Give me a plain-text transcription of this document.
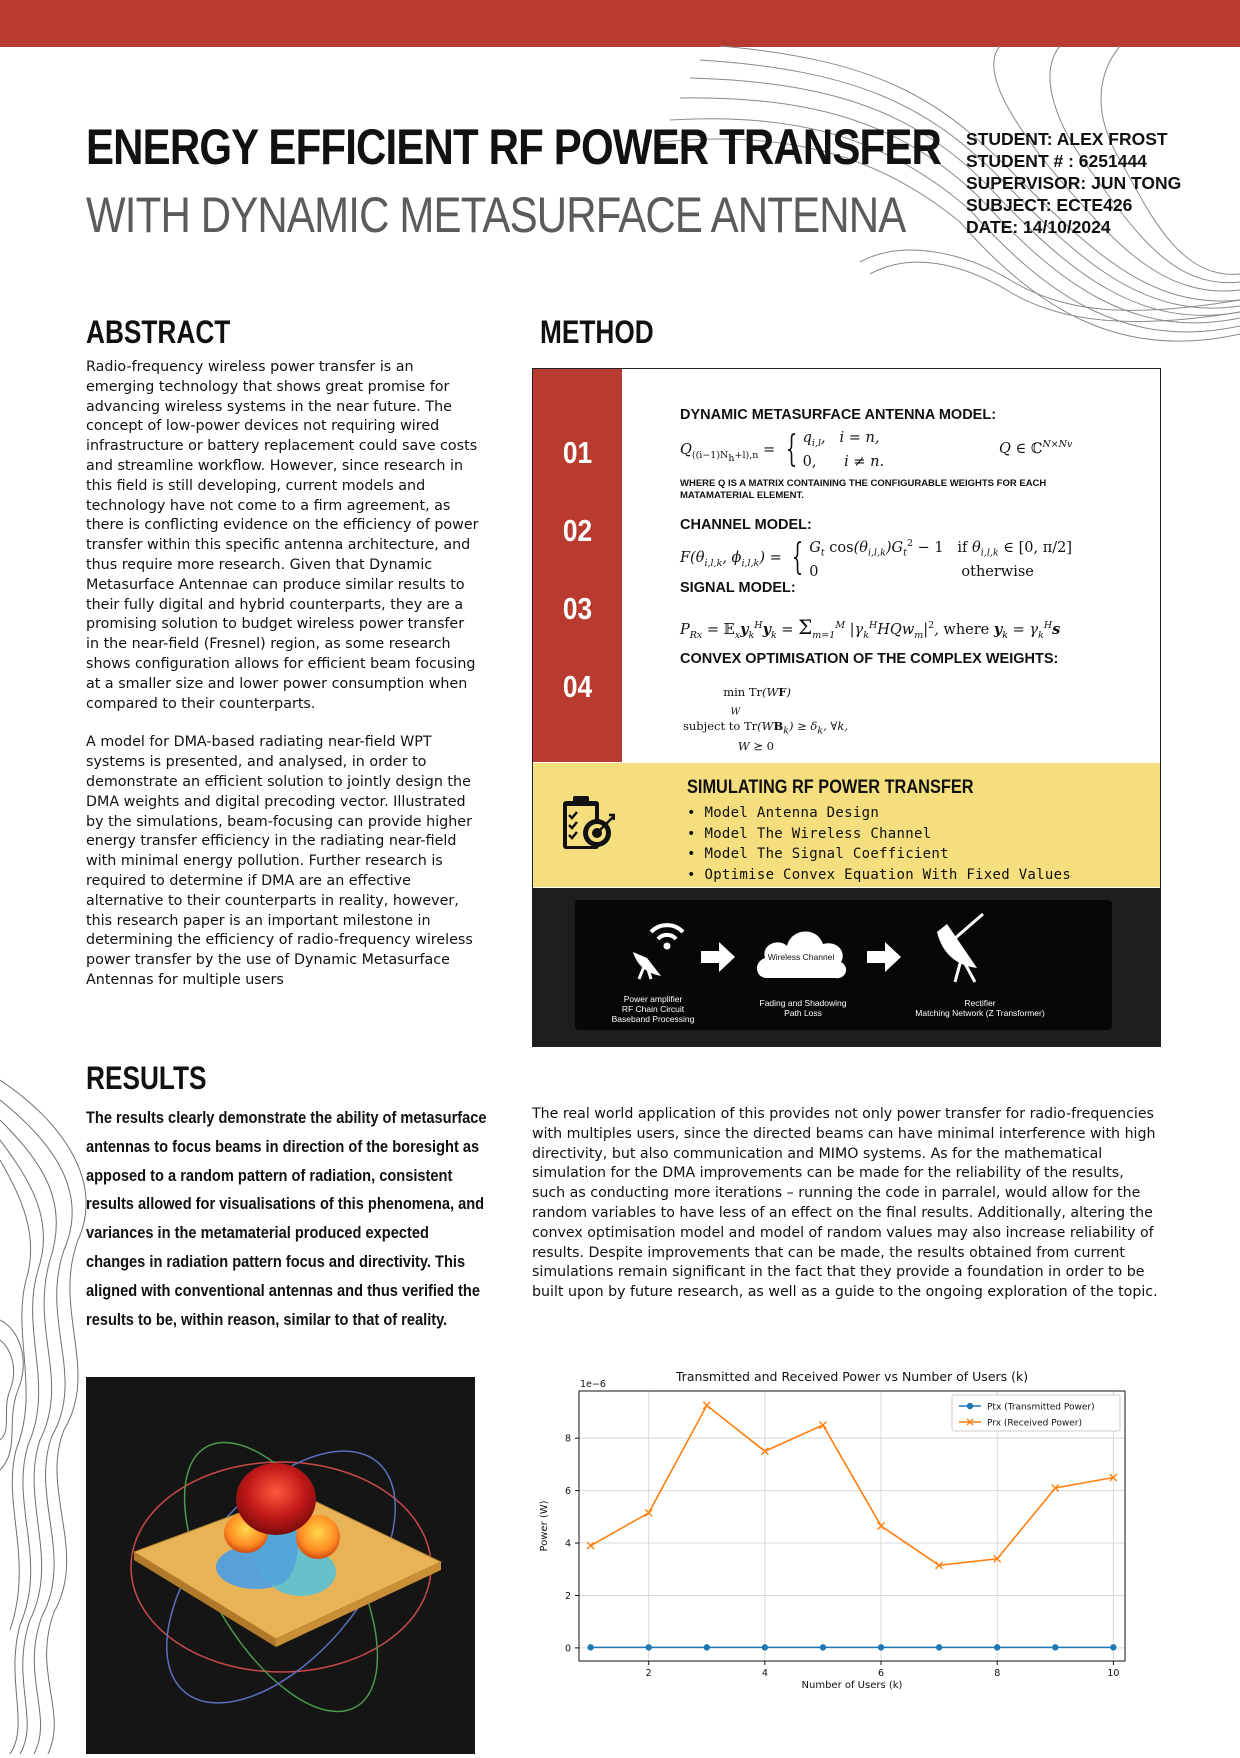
ENERGY EFFICIENT RF POWER TRANSFER
WITH DYNAMIC METASURFACE ANTENNA
STUDENT: ALEX FROST
STUDENT # : 6251444
SUPERVISOR: JUN TONG
SUBJECT: ECTE426
DATE: 14/10/2024
ABSTRACT

Radio-frequency wireless power transfer is an emerging technology that shows great promise for advancing wireless systems in the near future. The concept of low-power devices not requiring wired infrastructure or battery replacement could save costs and streamline workflow. However, since research in this field is still developing, current models and technology have not come to a firm agreement, as there is conflicting evidence on the efficiency of power transfer within this specific antenna architecture, and thus require more research. Given that Dynamic Metasurface Antennae can produce similar results to their fully digital and hybrid counterparts, they are a promising solution to budget wireless power transfer in the near-field (Fresnel) region, as some research shows configuration allows for efficient beam focusing at a smaller size and lower power consumption when compared to their counterparts.

A model for DMA-based radiating near-field WPT systems is presented, and analysed, in order to demonstrate an efficient solution to jointly design the DMA weights and digital precoding vector. Illustrated by the simulations, beam-focusing can provide higher energy transfer efficiency in the radiating near-field with minimal energy pollution. Further research is required to determine if DMA are an effective alternative to their counterparts in reality, however, this research paper is an important milestone in determining the efficiency of radio-frequency wireless power transfer by the use of Dynamic Metasurface Antennas for multiple users

METHOD
01
02
03
04
DYNAMIC METASURFACE ANTENNA MODEL:
$Q_{((i-1)N_h+l),n}$ = { $q_{i,l}$,   i = n,
0,      i ≠ n.
Q ∈ ℂ$^{N\times Nv}$
WHERE Q IS A MATRIX CONTAINING THE CONFIGURABLE WEIGHTS FOR EACH MATAMATERIAL ELEMENT.
CHANNEL MODEL:
$F(\theta_{i,l,k}$, $\phi_{i,l,k}$) = { $G_t$ $\cos(\theta_{i,l,k})G_t^2 - 1$ if $\theta_{i,l,k}$ ∈ [0, π/2]
0	otherwise
SIGNAL MODEL:
$P_{Rx}$ = $𝔼_xy_k^Hy_k = \Sigma_{m=1}^M$ $|\gamma_k^HHQw_m|^2$, where $y_k = \gamma_k^Hs$
CONVEX OPTIMISATION OF THE COMPLEX WEIGHTS:
min Tr(WF)
$_W$
subject to $Tr(WB_k) \ge \delta_k$, ∀k,
W ⪰ 0
SIMULATING RF POWER TRANSFER
• Model Antenna Design
• Model The Wireless Channel
• Model The Signal Coefficient
• Optimise Convex Equation With Fixed Values
Wireless Channel
Power amplifier
RF Chain Circuit
Baseband Processing
Fading and Shadowing
Path Loss
Rectifier
Matching Network (Z Transformer)
RESULTS
The results clearly demonstrate the ability of metasurface antennas to focus beams in direction of the boresight as apposed to a random pattern of radiation, consistent results allowed for visualisations of this phenomena, and variances in the metamaterial produced expected changes in radiation pattern focus and directivity. This aligned with conventional antennas and thus verified the results to be, within reason, similar to that of reality.
The real world application of this provides not only power transfer for radio-frequencies with multiples users, since the directed beams can have minimal interference with high directivity, but also communication and MIMO systems. As for the mathematical simulation for the DMA improvements can be made for the reliability of the results, such as conducting more iterations – running the code in parralel, would allow for the random variables to have less of an effect on the final results. Additionally, altering the convex optimisation model and model of random values may also increase reliability of results. Despite improvements that can be made, the results obtained from current simulations remain significant in the fact that they provide a foundation in order to be built upon by future research, as well as a guide to the ongoing exploration of the topic.
Transmitted and Received Power vs Number of Users (k)
1e−6
2	4	6	8	10
0
2
4
6
8
Number of Users (k)
Power (W)
Ptx (Transmitted Power)
Prx (Received Power)
